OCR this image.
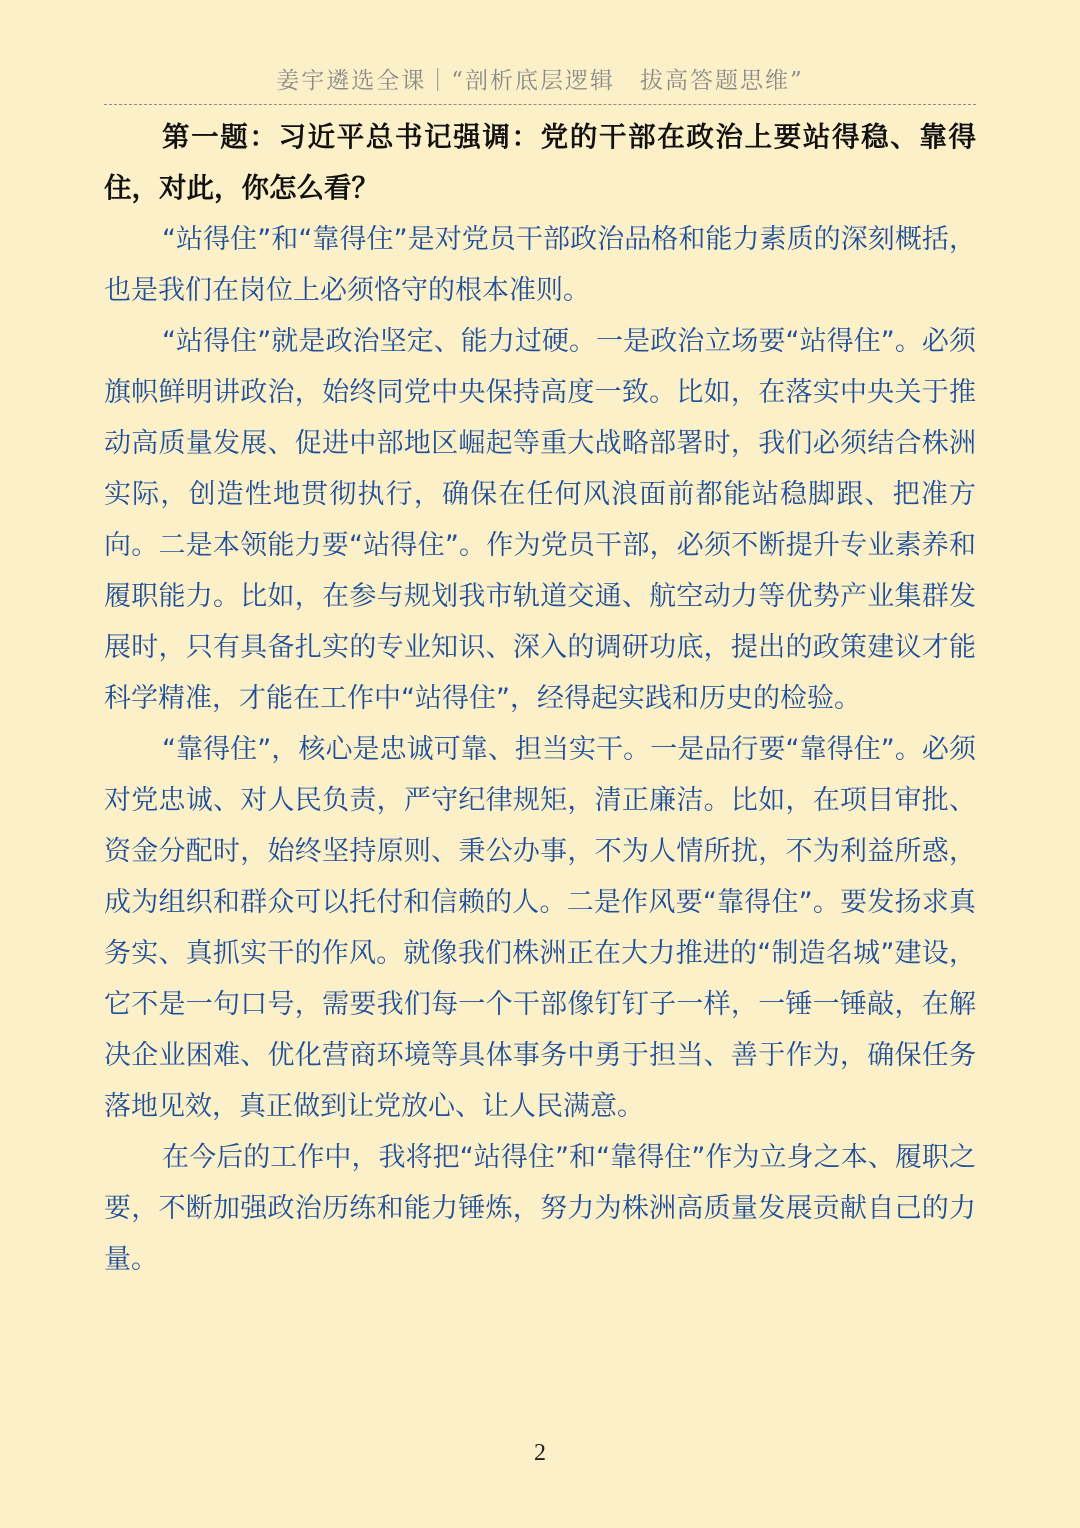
姜宇遴选全课｜“剖析底层逻辑　拔高答题思维”

第一题：习近平总书记强调：党的干部在政治上要站得稳、靠得住，对此，你怎么看？

“站得住”和“靠得住”是对党员干部政治品格和能力素质的深刻概括，也是我们在岗位上必须恪守的根本准则。

“站得住”就是政治坚定、能力过硬。一是政治立场要“站得住”。必须旗帜鲜明讲政治，始终同党中央保持高度一致。比如，在落实中央关于推动高质量发展、促进中部地区崛起等重大战略部署时，我们必须结合株洲实际，创造性地贯彻执行，确保在任何风浪面前都能站稳脚跟、把准方向。二是本领能力要“站得住”。作为党员干部，必须不断提升专业素养和履职能力。比如，在参与规划我市轨道交通、航空动力等优势产业集群发展时，只有具备扎实的专业知识、深入的调研功底，提出的政策建议才能科学精准，才能在工作中“站得住”，经得起实践和历史的检验。

“靠得住”，核心是忠诚可靠、担当实干。一是品行要“靠得住”。必须对党忠诚、对人民负责，严守纪律规矩，清正廉洁。比如，在项目审批、资金分配时，始终坚持原则、秉公办事，不为人情所扰，不为利益所惑，成为组织和群众可以托付和信赖的人。二是作风要“靠得住”。要发扬求真务实、真抓实干的作风。就像我们株洲正在大力推进的“制造名城”建设，它不是一句口号，需要我们每一个干部像钉钉子一样，一锤一锤敲，在解决企业困难、优化营商环境等具体事务中勇于担当、善于作为，确保任务落地见效，真正做到让党放心、让人民满意。

在今后的工作中，我将把“站得住”和“靠得住”作为立身之本、履职之要，不断加强政治历练和能力锤炼，努力为株洲高质量发展贡献自己的力量。

2
